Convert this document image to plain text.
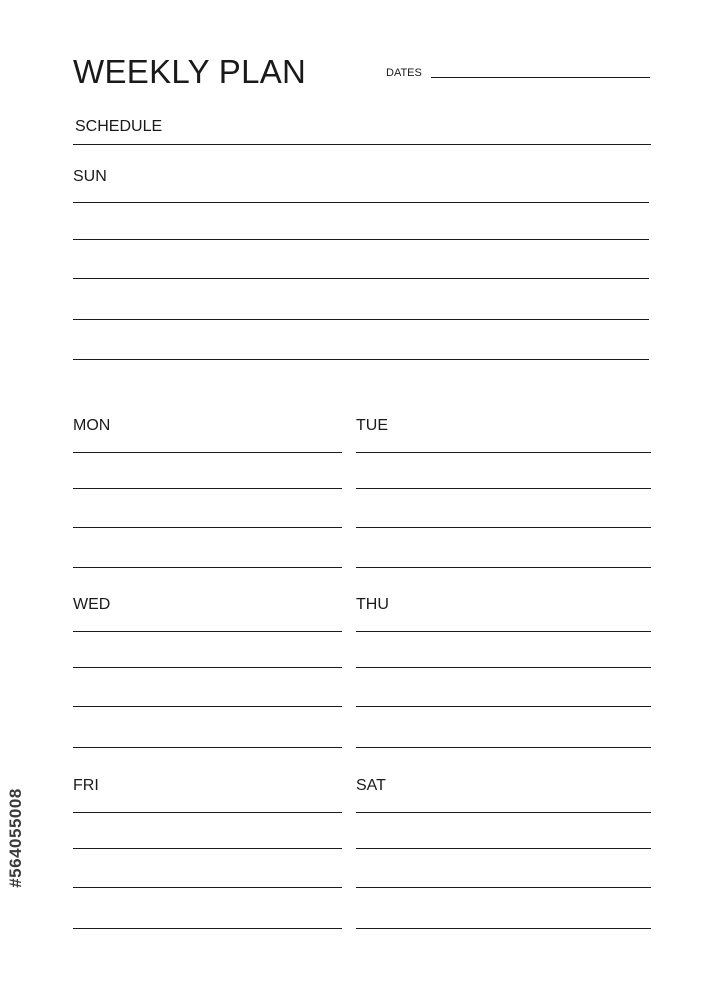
WEEKLY PLAN	DATES
SCHEDULE
SUN
MON	TUE
WED	THU
FRI	SAT
#564055008
